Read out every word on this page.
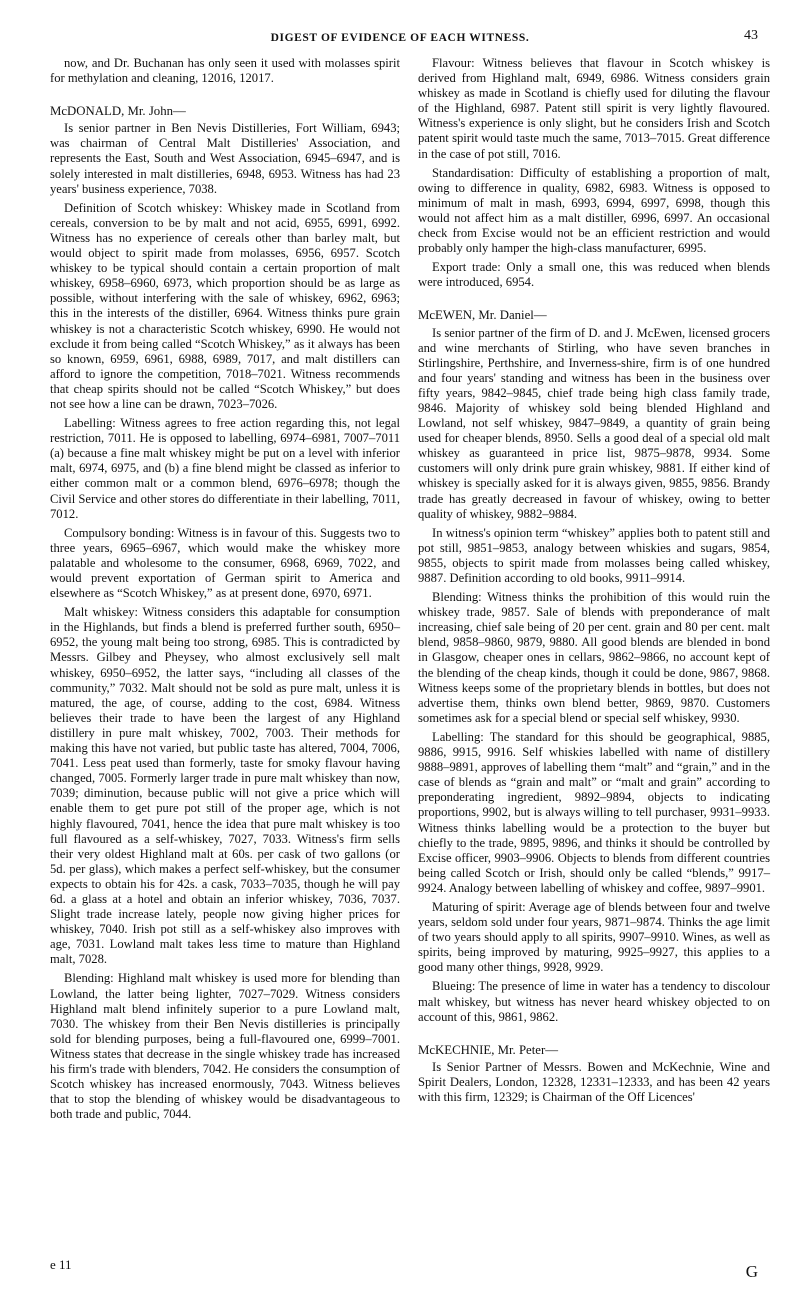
DIGEST OF EVIDENCE OF EACH WITNESS.	43

now, and Dr. Buchanan has only seen it used with molasses spirit for methylation and cleaning, 12016, 12017.

McDONALD, Mr. John—

Is senior partner in Ben Nevis Distilleries, Fort William, 6943; was chairman of Central Malt Distilleries' Association, and represents the East, South and West Association, 6945–6947, and is solely interested in malt distilleries, 6948, 6953. Witness has had 23 years' business experience, 7038.

Definition of Scotch whiskey: Whiskey made in Scotland from cereals, conversion to be by malt and not acid, 6955, 6991, 6992. Witness has no experience of cereals other than barley malt, but would object to spirit made from molasses, 6956, 6957. Scotch whiskey to be typical should contain a certain proportion of malt whiskey, 6958–6960, 6973, which proportion should be as large as possible, without interfering with the sale of whiskey, 6962, 6963; this in the interests of the distiller, 6964. Witness thinks pure grain whiskey is not a characteristic Scotch whiskey, 6990. He would not exclude it from being called “Scotch Whiskey,” as it always has been so known, 6959, 6961, 6988, 6989, 7017, and malt distillers can afford to ignore the competition, 7018–7021. Witness recommends that cheap spirits should not be called “Scotch Whiskey,” but does not see how a line can be drawn, 7023–7026.

Labelling: Witness agrees to free action regarding this, not legal restriction, 7011. He is opposed to labelling, 6974–6981, 7007–7011 (a) because a fine malt whiskey might be put on a level with inferior malt, 6974, 6975, and (b) a fine blend might be classed as inferior to either common malt or a common blend, 6976–6978; though the Civil Service and other stores do differentiate in their labelling, 7011, 7012.

Compulsory bonding: Witness is in favour of this. Suggests two to three years, 6965–6967, which would make the whiskey more palatable and wholesome to the consumer, 6968, 6969, 7022, and would prevent exportation of German spirit to America and elsewhere as “Scotch Whiskey,” as at present done, 6970, 6971.

Malt whiskey: Witness considers this adaptable for consumption in the Highlands, but finds a blend is preferred further south, 6950–6952, the young malt being too strong, 6985. This is contradicted by Messrs. Gilbey and Pheysey, who almost exclusively sell malt whiskey, 6950–6952, the latter says, “including all classes of the community,” 7032. Malt should not be sold as pure malt, unless it is matured, the age, of course, adding to the cost, 6984. Witness believes their trade to have been the largest of any Highland distillery in pure malt whiskey, 7002, 7003. Their methods for making this have not varied, but public taste has altered, 7004, 7006, 7041. Less peat used than formerly, taste for smoky flavour having changed, 7005. Formerly larger trade in pure malt whiskey than now, 7039; diminution, because public will not give a price which will enable them to get pure pot still of the proper age, which is not highly flavoured, 7041, hence the idea that pure malt whiskey is too full flavoured as a self-whiskey, 7027, 7033. Witness's firm sells their very oldest Highland malt at 60s. per cask of two gallons (or 5d. per glass), which makes a perfect self-whiskey, but the consumer expects to obtain his for 42s. a cask, 7033–7035, though he will pay 6d. a glass at a hotel and obtain an inferior whiskey, 7036, 7037. Slight trade increase lately, people now giving higher prices for whiskey, 7040. Irish pot still as a self-whiskey also improves with age, 7031. Lowland malt takes less time to mature than Highland malt, 7028.

Blending: Highland malt whiskey is used more for blending than Lowland, the latter being lighter, 7027–7029. Witness considers Highland malt blend infinitely superior to a pure Lowland malt, 7030. The whiskey from their Ben Nevis distilleries is principally sold for blending purposes, being a full-flavoured one, 6999–7001. Witness states that decrease in the single whiskey trade has increased his firm's trade with blenders, 7042. He considers the consumption of Scotch whiskey has increased enormously, 7043. Witness believes that to stop the blending of whiskey would be disadvantageous to both trade and public, 7044.

Flavour: Witness believes that flavour in Scotch whiskey is derived from Highland malt, 6949, 6986. Witness considers grain whiskey as made in Scotland is chiefly used for diluting the flavour of the Highland, 6987. Patent still spirit is very lightly flavoured. Witness's experience is only slight, but he considers Irish and Scotch patent spirit would taste much the same, 7013–7015. Great difference in the case of pot still, 7016.

Standardisation: Difficulty of establishing a proportion of malt, owing to difference in quality, 6982, 6983. Witness is opposed to minimum of malt in mash, 6993, 6994, 6997, 6998, though this would not affect him as a malt distiller, 6996, 6997. An occasional check from Excise would not be an efficient restriction and would probably only hamper the high-class manufacturer, 6995.

Export trade: Only a small one, this was reduced when blends were introduced, 6954.

McEWEN, Mr. Daniel—

Is senior partner of the firm of D. and J. McEwen, licensed grocers and wine merchants of Stirling, who have seven branches in Stirlingshire, Perthshire, and Inverness-shire, firm is of one hundred and four years' standing and witness has been in the business over fifty years, 9842–9845, chief trade being high class family trade, 9846. Majority of whiskey sold being blended Highland and Lowland, not self whiskey, 9847–9849, a quantity of grain being used for cheaper blends, 8950. Sells a good deal of a special old malt whiskey as guaranteed in price list, 9875–9878, 9934. Some customers will only drink pure grain whiskey, 9881. If either kind of whiskey is specially asked for it is always given, 9855, 9856. Brandy trade has greatly decreased in favour of whiskey, owing to better quality of whiskey, 9882–9884.

In witness's opinion term “whiskey” applies both to patent still and pot still, 9851–9853, analogy between whiskies and sugars, 9854, 9855, objects to spirit made from molasses being called whiskey, 9887. Definition according to old books, 9911–9914.

Blending: Witness thinks the prohibition of this would ruin the whiskey trade, 9857. Sale of blends with preponderance of malt increasing, chief sale being of 20 per cent. grain and 80 per cent. malt blend, 9858–9860, 9879, 9880. All good blends are blended in bond in Glasgow, cheaper ones in cellars, 9862–9866, no account kept of the blending of the cheap kinds, though it could be done, 9867, 9868. Witness keeps some of the proprietary blends in bottles, but does not advertise them, thinks own blend better, 9869, 9870. Customers sometimes ask for a special blend or special self whiskey, 9930.

Labelling: The standard for this should be geographical, 9885, 9886, 9915, 9916. Self whiskies labelled with name of distillery 9888–9891, approves of labelling them “malt” and “grain,” and in the case of blends as “grain and malt” or “malt and grain” according to preponderating ingredient, 9892–9894, objects to indicating proportions, 9902, but is always willing to tell purchaser, 9931–9933. Witness thinks labelling would be a protection to the buyer but chiefly to the trade, 9895, 9896, and thinks it should be controlled by Excise officer, 9903–9906. Objects to blends from different countries being called Scotch or Irish, should only be called “blends,” 9917–9924. Analogy between labelling of whiskey and coffee, 9897–9901.

Maturing of spirit: Average age of blends between four and twelve years, seldom sold under four years, 9871–9874. Thinks the age limit of two years should apply to all spirits, 9907–9910. Wines, as well as spirits, being improved by maturing, 9925–9927, this applies to a good many other things, 9928, 9929.

Blueing: The presence of lime in water has a tendency to discolour malt whiskey, but witness has never heard whiskey objected to on account of this, 9861, 9862.

McKECHNIE, Mr. Peter—

Is Senior Partner of Messrs. Bowen and McKechnie, Wine and Spirit Dealers, London, 12328, 12331–12333, and has been 42 years with this firm, 12329; is Chairman of the Off Licences'

e 11	G
